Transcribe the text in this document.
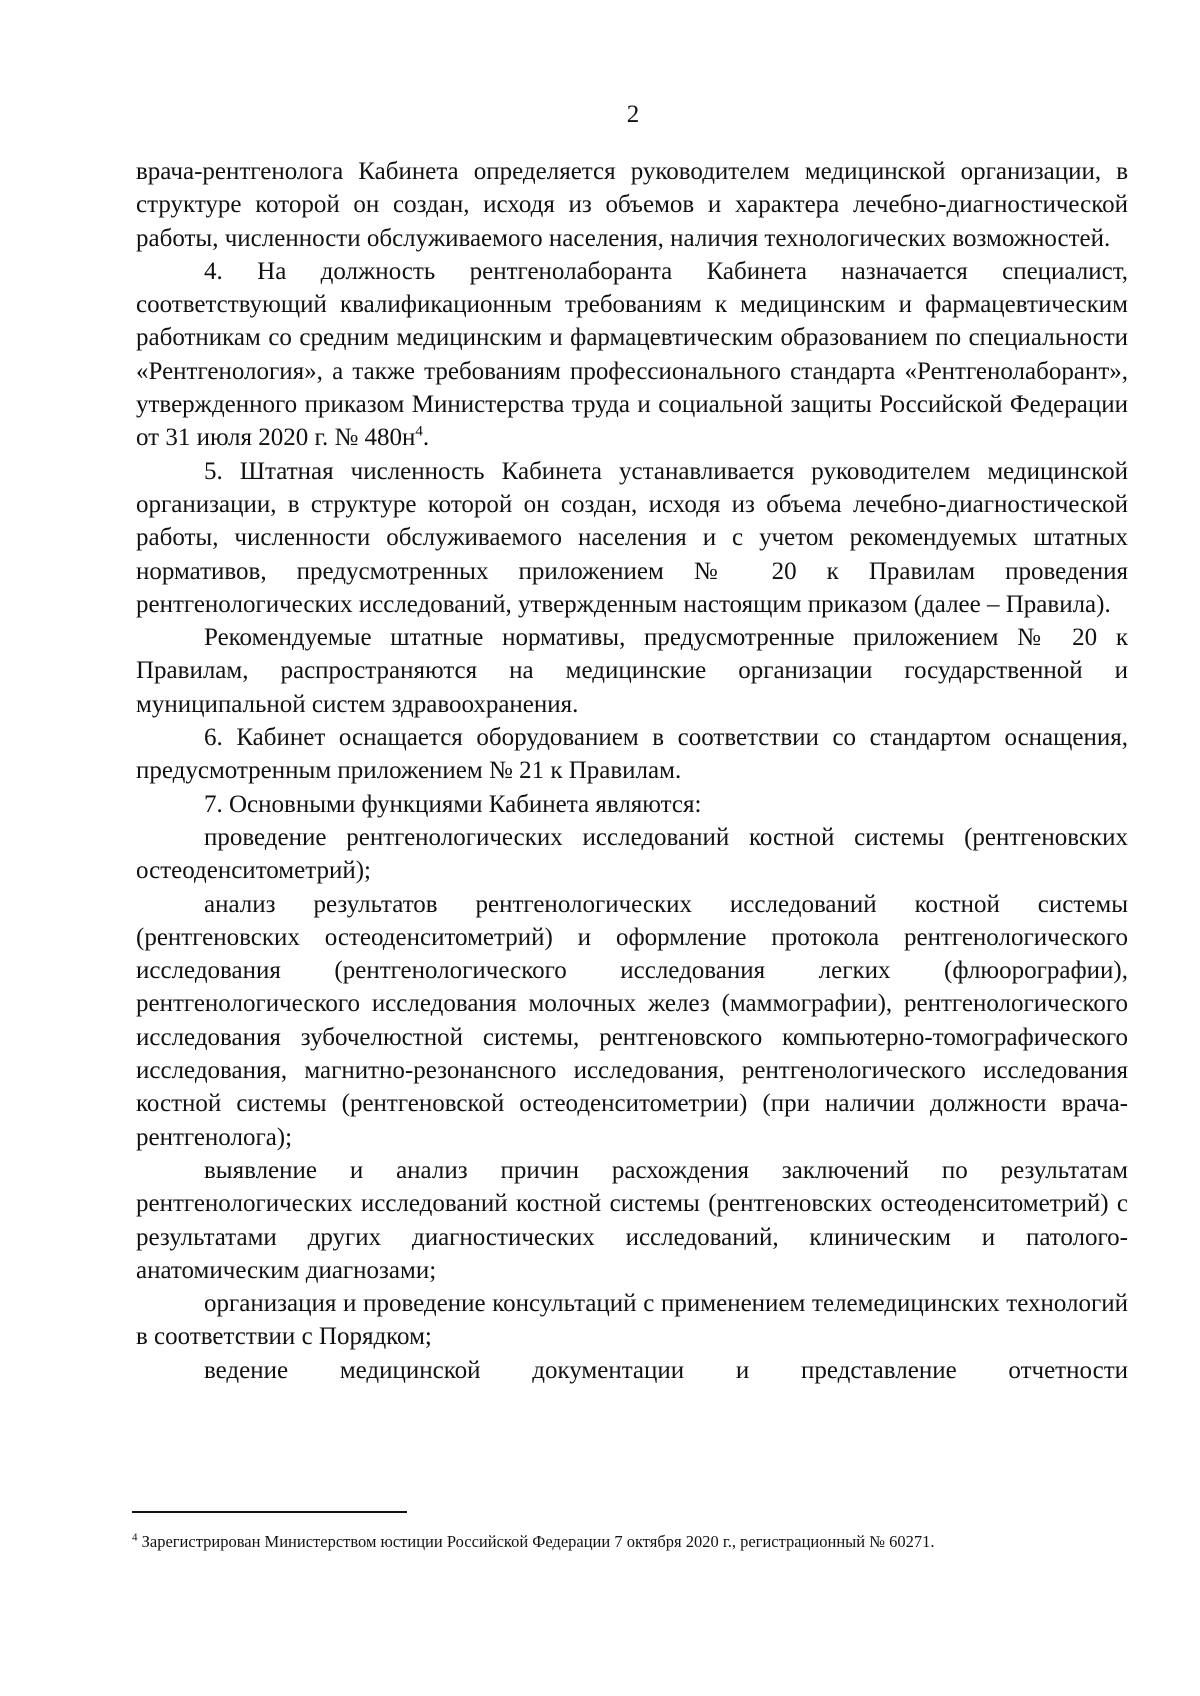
2

врача-рентгенолога Кабинета определяется руководителем медицинской организации, в структуре которой он создан, исходя из объемов и характера лечебно-диагностической работы, численности обслуживаемого населения, наличия технологических возможностей.

4. На должность рентгенолаборанта Кабинета назначается специалист, соответствующий квалификационным требованиям к медицинским и фармацевтическим работникам со средним медицинским и фармацевтическим образованием по специальности «Рентгенология», а также требованиям профессионального стандарта «Рентгенолаборант», утвержденного приказом Министерства труда и социальной защиты Российской Федерации от 31 июля 2020 г. № $480н^4$.

5. Штатная численность Кабинета устанавливается руководителем медицинской организации, в структуре которой он создан, исходя из объема лечебно-диагностической работы, численности обслуживаемого населения и с учетом рекомендуемых штатных нормативов, предусмотренных приложением № 20 к Правилам проведения рентгенологических исследований, утвержденным настоящим приказом (далее – Правила).

Рекомендуемые штатные нормативы, предусмотренные приложением № 20 к Правилам, распространяются на медицинские организации государственной и муниципальной систем здравоохранения.

6. Кабинет оснащается оборудованием в соответствии со стандартом оснащения, предусмотренным приложением № 21 к Правилам.

7. Основными функциями Кабинета являются:

проведение рентгенологических исследований костной системы (рентгеновских остеоденситометрий);

анализ результатов рентгенологических исследований костной системы (рентгеновских остеоденситометрий) и оформление протокола рентгенологического исследования (рентгенологического исследования легких (флюорографии), рентгенологического исследования молочных желез (маммографии), рентгенологического исследования зубочелюстной системы, рентгеновского компьютерно-томографического исследования, магнитно-резонансного исследования, рентгенологического исследования костной системы (рентгеновской остеоденситометрии) (при наличии должности врача-рентгенолога);

выявление и анализ причин расхождения заключений по результатам рентгенологических исследований костной системы (рентгеновских остеоденситометрий) с результатами других диагностических исследований, клиническим и патолого-анатомическим диагнозами;

организация и проведение консультаций с применением телемедицинских технологий в соответствии с Порядком;

ведение медицинской документации и представление отчетности

$^4$ Зарегистрирован Министерством юстиции Российской Федерации 7 октября 2020 г., регистрационный № 60271.
